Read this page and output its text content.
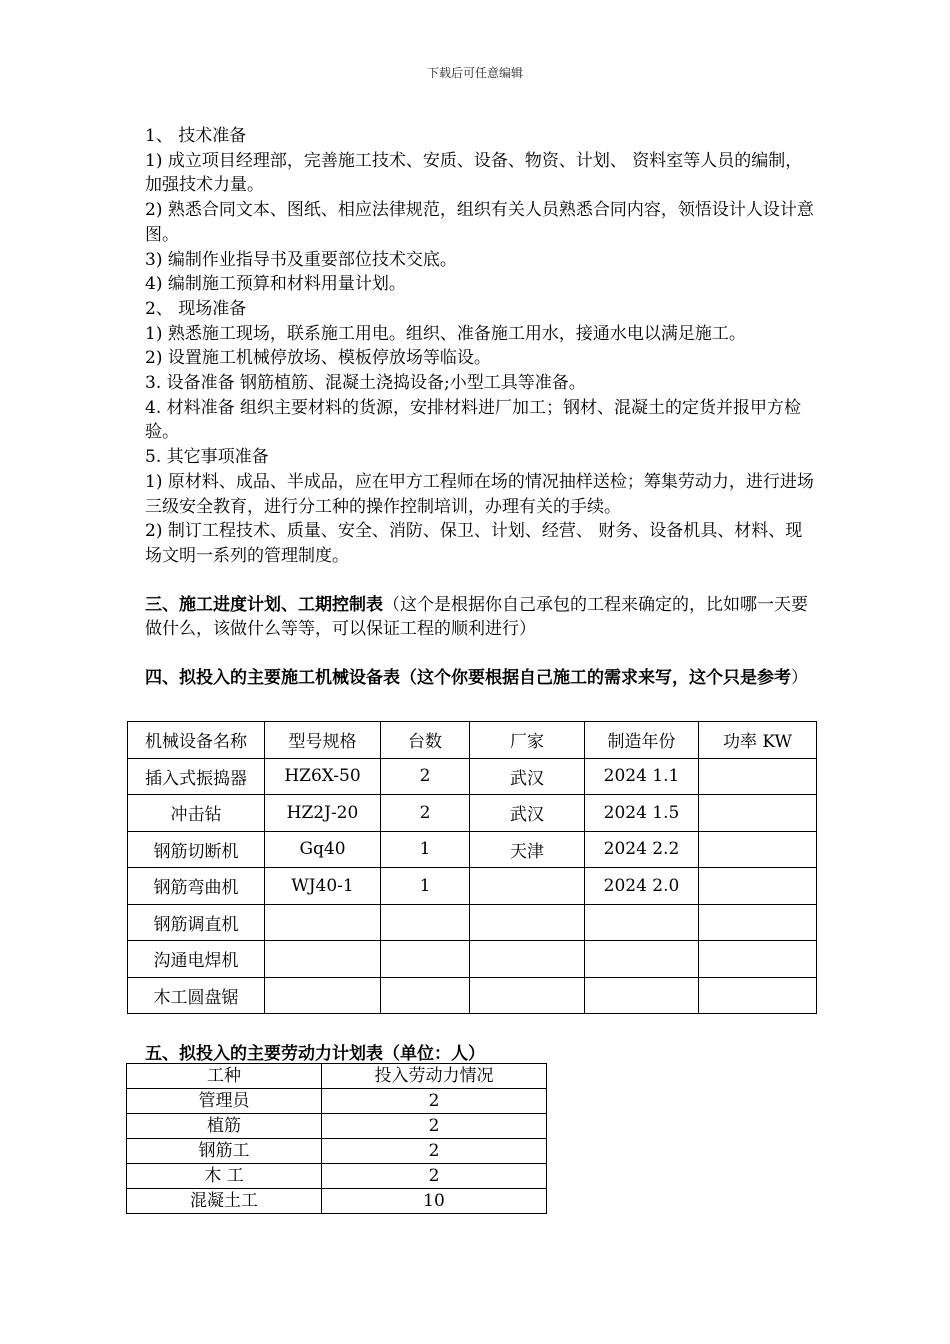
下载后可任意编辑

1、 技术准备

1) 成立项目经理部，完善施工技术、安质、设备、物资、计划、 资料室等人员的编制，加强技术力量。

2) 熟悉合同文本、图纸、相应法律规范，组织有关人员熟悉合同内容，领悟设计人设计意图。

3) 编制作业指导书及重要部位技术交底。

4) 编制施工预算和材料用量计划。

2、 现场准备

1) 熟悉施工现场，联系施工用电。组织、准备施工用水，接通水电以满足施工。

2) 设置施工机械停放场、模板停放场等临设。

3. 设备准备 钢筋植筋、混凝土浇捣设备;小型工具等准备。

4. 材料准备 组织主要材料的货源，安排材料进厂加工；钢材、混凝土的定货并报甲方检验。

5. 其它事项准备

1) 原材料、成品、半成品，应在甲方工程师在场的情况抽样送检；筹集劳动力，进行进场三级安全教育，进行分工种的操作控制培训，办理有关的手续。

2) 制订工程技术、质量、安全、消防、保卫、计划、经营、 财务、设备机具、材料、现场文明一系列的管理制度。

三、施工进度计划、工期控制表（这个是根据你自己承包的工程来确定的，比如哪一天要做什么，该做什么等等，可以保证工程的顺利进行）

四、拟投入的主要施工机械设备表（这个你要根据自己施工的需求来写，这个只是参考）

机械设备名称	型号规格	台数	厂家	制造年份	功率 KW
插入式振捣器	HZ6X-50	2	武汉	2024 1.1	
冲击钻	HZ2J-20	2	武汉	2024 1.5	
钢筋切断机	Gq40	1	天津	2024 2.2	
钢筋弯曲机	WJ40-1	1		2024 2.0	
钢筋调直机					
沟通电焊机					
木工圆盘锯					
五、拟投入的主要劳动力计划表（单位：人）
工种	投入劳动力情况
管理员	2
植筋	2
钢筋工	2
木 工	2
混凝土工	10
